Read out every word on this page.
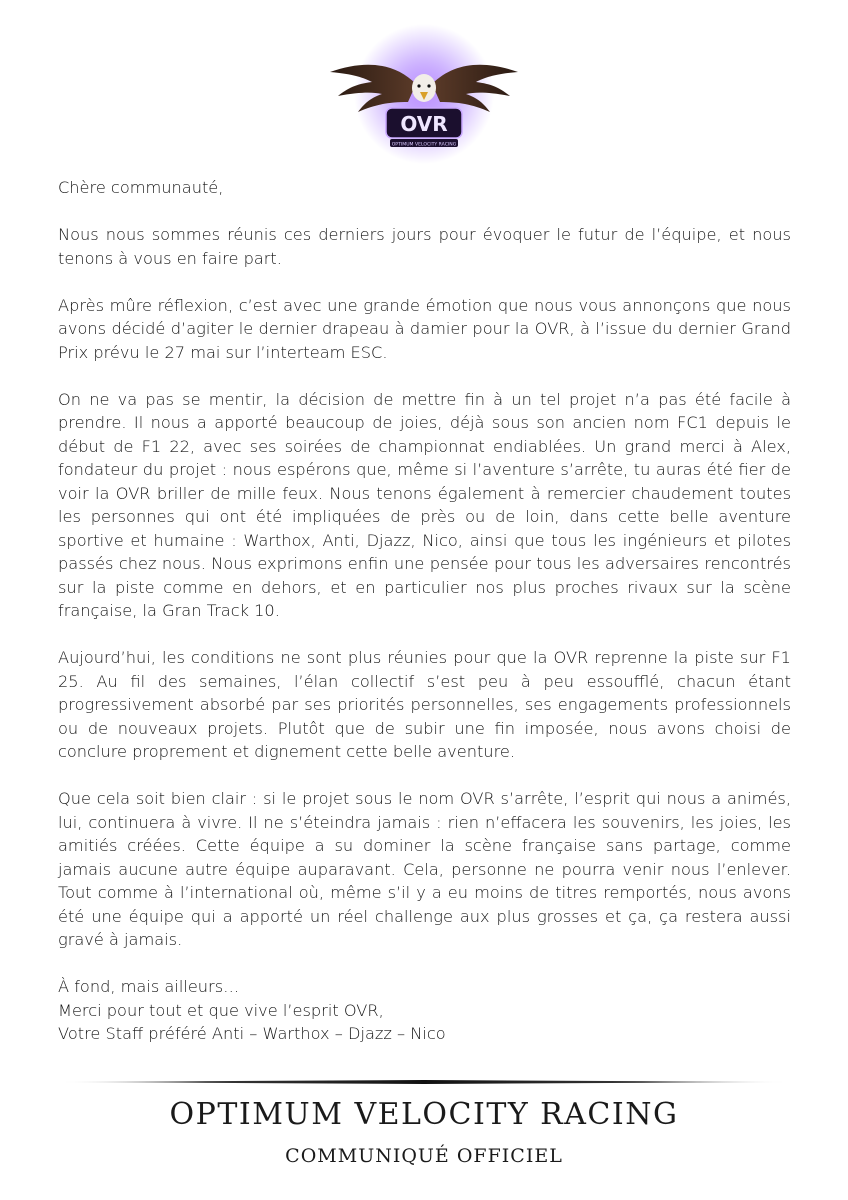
OVR
OPTIMUM VELOCITY RACING

Chère communauté,

Nous nous sommes réunis ces derniers jours pour évoquer le futur de l’équipe, et nous tenons à vous en faire part.

Après mûre réflexion, c’est avec une grande émotion que nous vous annonçons que nous avons décidé d’agiter le dernier drapeau à damier pour la OVR, à l’issue du dernier Grand Prix prévu le 27 mai sur l’interteam ESC.

On ne va pas se mentir, la décision de mettre fin à un tel projet n’a pas été facile à prendre. Il nous a apporté beaucoup de joies, déjà sous son ancien nom FC1 depuis le début de F1 22, avec ses soirées de championnat endiablées. Un grand merci à Alex, fondateur du projet : nous espérons que, même si l’aventure s’arrête, tu auras été fier de voir la OVR briller de mille feux. Nous tenons également à remercier chaudement toutes les personnes qui ont été impliquées de près ou de loin, dans cette belle aventure sportive et humaine : Warthox, Anti, Djazz, Nico, ainsi que tous les ingénieurs et pilotes passés chez nous. Nous exprimons enfin une pensée pour tous les adversaires rencontrés sur la piste comme en dehors, et en particulier nos plus proches rivaux sur la scène française, la Gran Track 10.

Aujourd’hui, les conditions ne sont plus réunies pour que la OVR reprenne la piste sur F1 25. Au fil des semaines, l’élan collectif s’est peu à peu essoufflé, chacun étant progressivement absorbé par ses priorités personnelles, ses engagements professionnels ou de nouveaux projets. Plutôt que de subir une fin imposée, nous avons choisi de conclure proprement et dignement cette belle aventure.

Que cela soit bien clair : si le projet sous le nom OVR s’arrête, l’esprit qui nous a animés, lui, continuera à vivre. Il ne s’éteindra jamais : rien n’effacera les souvenirs, les joies, les amitiés créées. Cette équipe a su dominer la scène française sans partage, comme jamais aucune autre équipe auparavant. Cela, personne ne pourra venir nous l’enlever. Tout comme à l’international où, même s’il y a eu moins de titres remportés, nous avons été une équipe qui a apporté un réel challenge aux plus grosses et ça, ça restera aussi gravé à jamais.

À fond, mais ailleurs…
Merci pour tout et que vive l’esprit OVR,
Votre Staff préféré Anti – Warthox – Djazz – Nico
OPTIMUM VELOCITY RACING
COMMUNIQUÉ OFFICIEL
